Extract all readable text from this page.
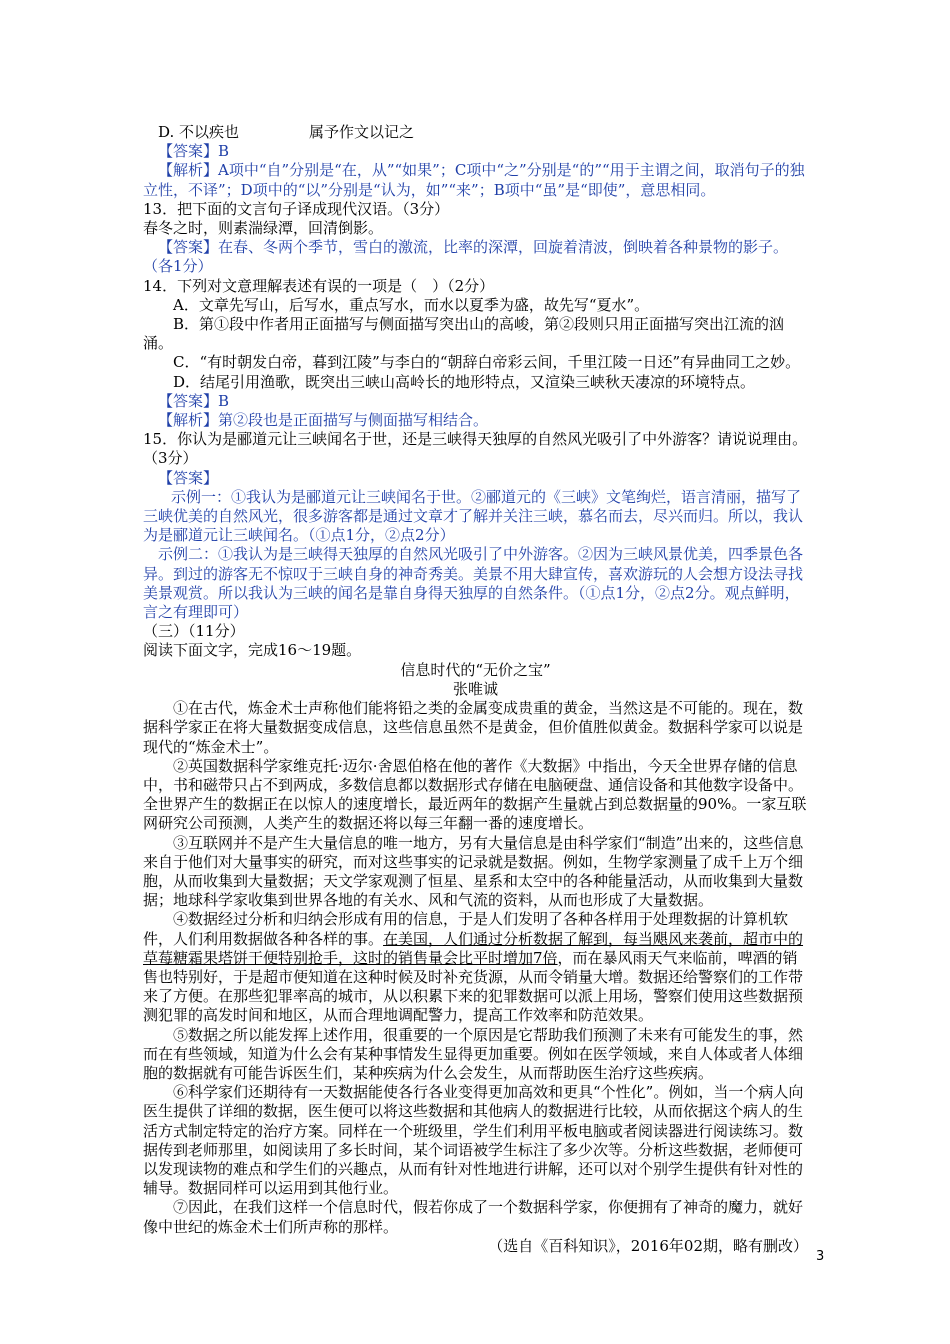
D. 不以疾也	属予作文以记之

【答案】B

【解析】A项中“自”分别是“在，从”“如果”；C项中“之”分别是“的”“用于主谓之间，取消句子的独立性，不译”；D项中的“以”分别是“认为，如”“来”；B项中“虽”是“即使”，意思相同。

13．把下面的文言句子译成现代汉语。（3分）

春冬之时，则素湍绿潭，回清倒影。

【答案】在春、冬两个季节，雪白的激流，比率的深潭，回旋着清波，倒映着各种景物的影子。（各1分）

14．下列对文意理解表述有误的一项是（　）（2分）

A．文章先写山，后写水，重点写水，而水以夏季为盛，故先写“夏水”。

B．第①段中作者用正面描写与侧面描写突出山的高峻，第②段则只用正面描写突出江流的汹涌。

C．“有时朝发白帝，暮到江陵”与李白的“朝辞白帝彩云间，千里江陵一日还”有异曲同工之妙。

D．结尾引用渔歌，既突出三峡山高岭长的地形特点，又渲染三峡秋天凄凉的环境特点。

【答案】B

【解析】第②段也是正面描写与侧面描写相结合。

15．你认为是郦道元让三峡闻名于世，还是三峡得天独厚的自然风光吸引了中外游客？请说说理由。（3分）

【答案】

示例一：①我认为是郦道元让三峡闻名于世。②郦道元的《三峡》文笔绚烂，语言清丽，描写了三峡优美的自然风光，很多游客都是通过文章才了解并关注三峡，慕名而去，尽兴而归。所以，我认为是郦道元让三峡闻名。（①点1分，②点2分）

示例二：①我认为是三峡得天独厚的自然风光吸引了中外游客。②因为三峡风景优美，四季景色各异。到过的游客无不惊叹于三峡自身的神奇秀美。美景不用大肆宣传，喜欢游玩的人会想方设法寻找美景观赏。所以我认为三峡的闻名是靠自身得天独厚的自然条件。（①点1分，②点2分。观点鲜明，言之有理即可）

（三）（11分）

阅读下面文字，完成16～19题。

信息时代的“无价之宝”

张唯诚

①在古代，炼金术士声称他们能将铅之类的金属变成贵重的黄金，当然这是不可能的。现在，数据科学家正在将大量数据变成信息，这些信息虽然不是黄金，但价值胜似黄金。数据科学家可以说是现代的“炼金术士”。

②英国数据科学家维克托·迈尔·舍恩伯格在他的著作《大数据》中指出，今天全世界存储的信息中，书和磁带只占不到两成，多数信息都以数据形式存储在电脑硬盘、通信设备和其他数字设备中。全世界产生的数据正在以惊人的速度增长，最近两年的数据产生量就占到总数据量的90%。一家互联网研究公司预测，人类产生的数据还将以每三年翻一番的速度增长。

③互联网并不是产生大量信息的唯一地方，另有大量信息是由科学家们“制造”出来的，这些信息来自于他们对大量事实的研究，而对这些事实的记录就是数据。例如，生物学家测量了成千上万个细胞，从而收集到大量数据；天文学家观测了恒星、星系和太空中的各种能量活动，从而收集到大量数据；地球科学家收集到世界各地的有关水、风和气流的资料，从而也形成了大量数据。

④数据经过分析和归纳会形成有用的信息，于是人们发明了各种各样用于处理数据的计算机软件，人们利用数据做各种各样的事。在美国，人们通过分析数据了解到，每当飓风来袭前，超市中的草莓糖霜果塔饼干便特别抢手，这时的销售量会比平时增加7倍，而在暴风雨天气来临前，啤酒的销售也特别好，于是超市便知道在这种时候及时补充货源，从而令销量大增。数据还给警察们的工作带来了方便。在那些犯罪率高的城市，从以积累下来的犯罪数据可以派上用场，警察们使用这些数据预测犯罪的高发时间和地区，从而合理地调配警力，提高工作效率和防范效果。

⑤数据之所以能发挥上述作用，很重要的一个原因是它帮助我们预测了未来有可能发生的事，然而在有些领域，知道为什么会有某种事情发生显得更加重要。例如在医学领域，来自人体或者人体细胞的数据就有可能告诉医生们，某种疾病为什么会发生，从而帮助医生治疗这些疾病。

⑥科学家们还期待有一天数据能使各行各业变得更加高效和更具“个性化”。例如，当一个病人向医生提供了详细的数据，医生便可以将这些数据和其他病人的数据进行比较，从而依据这个病人的生活方式制定特定的治疗方案。同样在一个班级里，学生们利用平板电脑或者阅读器进行阅读练习。数据传到老师那里，如阅读用了多长时间，某个词语被学生标注了多少次等。分析这些数据，老师便可以发现读物的难点和学生们的兴趣点，从而有针对性地进行讲解，还可以对个别学生提供有针对性的辅导。数据同样可以运用到其他行业。

⑦因此，在我们这样一个信息时代，假若你成了一个数据科学家，你便拥有了神奇的魔力，就好像中世纪的炼金术士们所声称的那样。

（选自《百科知识》，2016年02期，略有删改）

3
